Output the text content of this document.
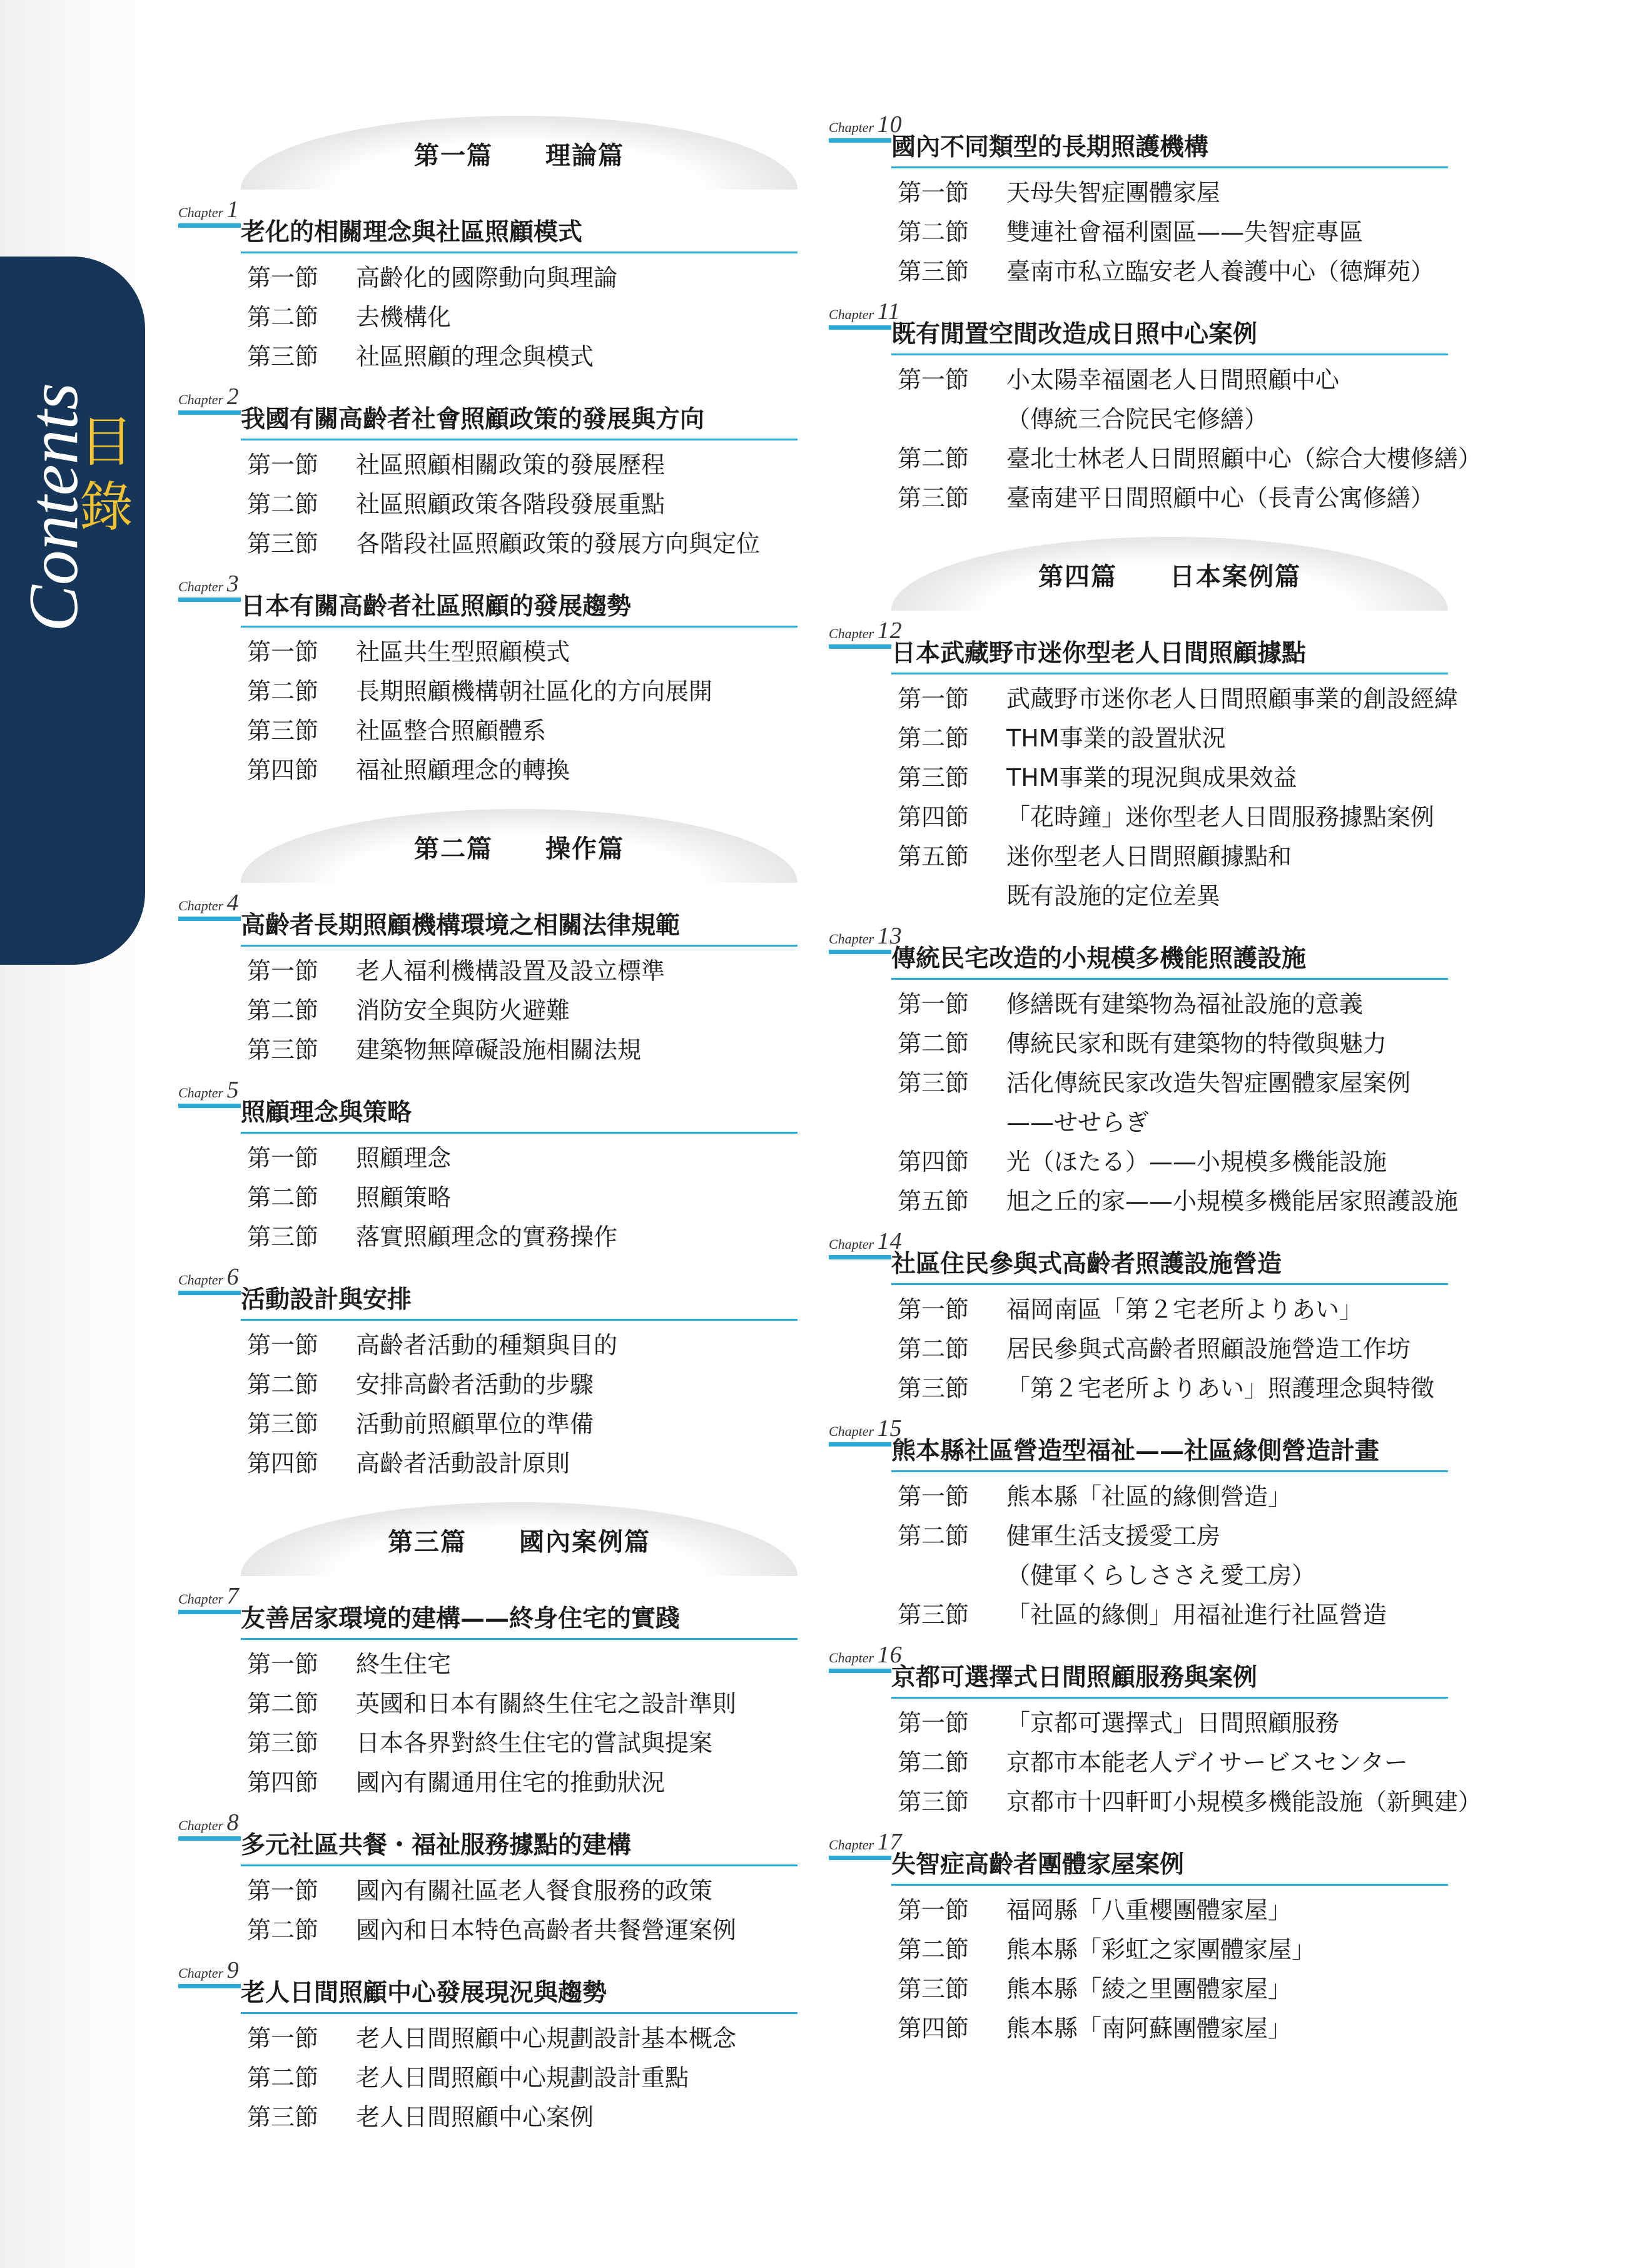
目錄
Contents
第一篇　　理論篇
Chapter 1
老化的相關理念與社區照顧模式
第一節	高齡化的國際動向與理論
第二節	去機構化
第三節	社區照顧的理念與模式
Chapter 2
我國有關高齡者社會照顧政策的發展與方向
第一節	社區照顧相關政策的發展歷程
第二節	社區照顧政策各階段發展重點
第三節	各階段社區照顧政策的發展方向與定位
Chapter 3
日本有關高齡者社區照顧的發展趨勢
第一節	社區共生型照顧模式
第二節	長期照顧機構朝社區化的方向展開
第三節	社區整合照顧體系
第四節	福祉照顧理念的轉換
第二篇　　操作篇
Chapter 4
高齡者長期照顧機構環境之相關法律規範
第一節	老人福利機構設置及設立標準
第二節	消防安全與防火避難
第三節	建築物無障礙設施相關法規
Chapter 5
照顧理念與策略
第一節	照顧理念
第二節	照顧策略
第三節	落實照顧理念的實務操作
Chapter 6
活動設計與安排
第一節	高齡者活動的種類與目的
第二節	安排高齡者活動的步驟
第三節	活動前照顧單位的準備
第四節	高齡者活動設計原則
第三篇　　國內案例篇
Chapter 7
友善居家環境的建構——終身住宅的實踐
第一節	終生住宅
第二節	英國和日本有關終生住宅之設計準則
第三節	日本各界對終生住宅的嘗試與提案
第四節	國內有關通用住宅的推動狀況
Chapter 8
多元社區共餐・福祉服務據點的建構
第一節	國內有關社區老人餐食服務的政策
第二節	國內和日本特色高齡者共餐營運案例
Chapter 9
老人日間照顧中心發展現況與趨勢
第一節	老人日間照顧中心規劃設計基本概念
第二節	老人日間照顧中心規劃設計重點
第三節	老人日間照顧中心案例
Chapter 10
國內不同類型的長期照護機構
第一節	天母失智症團體家屋
第二節	雙連社會福利園區——失智症專區
第三節	臺南市私立臨安老人養護中心（德輝苑）
Chapter 11
既有閒置空間改造成日照中心案例
第一節	小太陽幸福園老人日間照顧中心
（傳統三合院民宅修繕）
第二節	臺北士林老人日間照顧中心（綜合大樓修繕）
第三節	臺南建平日間照顧中心（長青公寓修繕）
第四篇　　日本案例篇
Chapter 12
日本武藏野市迷你型老人日間照顧據點
第一節	武蔵野市迷你老人日間照顧事業的創設經緯
第二節	THM事業的設置狀況
第三節	THM事業的現況與成果效益
第四節	「花時鐘」迷你型老人日間服務據點案例
第五節	迷你型老人日間照顧據點和
既有設施的定位差異
Chapter 13
傳統民宅改造的小規模多機能照護設施
第一節	修繕既有建築物為福祉設施的意義
第二節	傳統民家和既有建築物的特徵與魅力
第三節	活化傳統民家改造失智症團體家屋案例
——せせらぎ
第四節	光（ほたる）——小規模多機能設施
第五節	旭之丘的家——小規模多機能居家照護設施
Chapter 14
社區住民參與式高齡者照護設施營造
第一節	福岡南區「第２宅老所よりあい」
第二節	居民參與式高齡者照顧設施營造工作坊
第三節	「第２宅老所よりあい」照護理念與特徵
Chapter 15
熊本縣社區營造型福祉——社區緣側營造計畫
第一節	熊本縣「社區的緣側營造」
第二節	健軍生活支援愛工房
（健軍くらしささえ愛工房）
第三節	「社區的緣側」用福祉進行社區營造
Chapter 16
京都可選擇式日間照顧服務與案例
第一節	「京都可選擇式」日間照顧服務
第二節	京都市本能老人デイサービスセンター
第三節	京都市十四軒町小規模多機能設施（新興建）
Chapter 17
失智症高齡者團體家屋案例
第一節	福岡縣「八重櫻團體家屋」
第二節	熊本縣「彩虹之家團體家屋」
第三節	熊本縣「綾之里團體家屋」
第四節	熊本縣「南阿蘇團體家屋」
